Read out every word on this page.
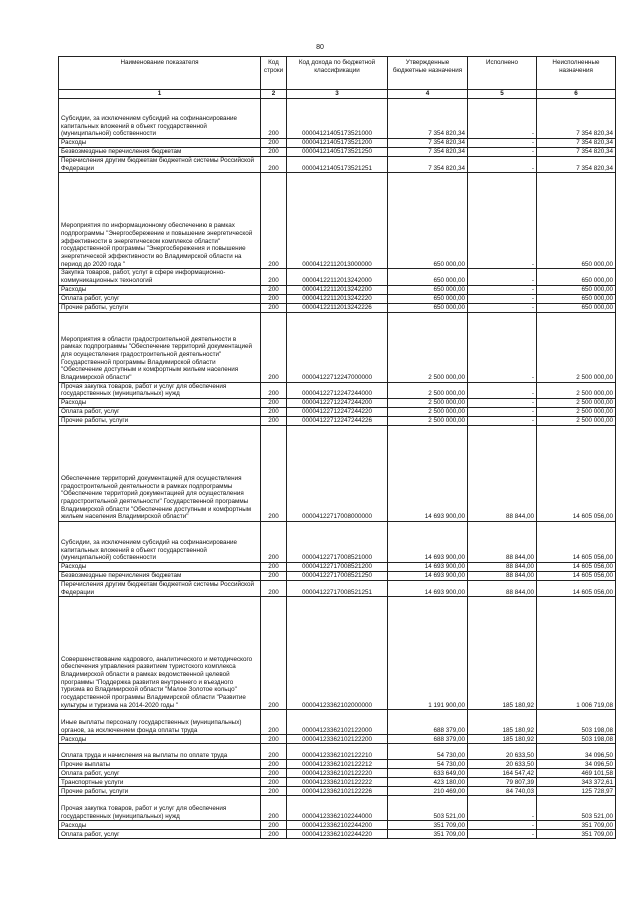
80
Наименование показателя	Код строки	Код дохода по бюджетной классификации	Утвержденные бюджетные назначения	Исполнено	Неисполненные назначения
1	2	3	4	5	6
Субсидии, за исключением субсидий на софинансирование капитальных вложений в объект государственной (муниципальной) собственности	200	00004121405173521000	7 354 820,34	-	7 354 820,34
Расходы	200	00004121405173521200	7 354 820,34	-	7 354 820,34
Безвозмездные перечисления бюджетам	200	00004121405173521250	7 354 820,34	-	7 354 820,34
Перечисления другим бюджетам бюджетной системы Российской Федерации	200	00004121405173521251	7 354 820,34	-	7 354 820,34
Мероприятия по информационному обеспечению в рамках подпрограммы "Энергосбережение и повышение энергетической эффективности в энергетическом комплексе области" государственной программы "Энергосбережения и повышение энергетической эффективности во Владимирской области на период до 2020 года "	200	00004122112013000000	650 000,00	-	650 000,00
Закупка товаров, работ, услуг в сфере информационно-коммуникационных технологий	200	00004122112013242000	650 000,00	-	650 000,00
Расходы	200	00004122112013242200	650 000,00	-	650 000,00
Оплата работ, услуг	200	00004122112013242220	650 000,00	-	650 000,00
Прочие работы, услуги	200	00004122112013242226	650 000,00	-	650 000,00
Мероприятия в области градостроительной деятельности в рамках подпрограммы "Обеспечение территорий документацией для осуществления градостроительной деятельности" Государственной программы Владимирской области "Обеспечение доступным и комфортным жильем населения Владимирской области"	200	00004122712247000000	2 500 000,00	-	2 500 000,00
Прочая закупка товаров, работ и услуг для обеспечения государственных (муниципальных) нужд	200	00004122712247244000	2 500 000,00	-	2 500 000,00
Расходы	200	00004122712247244200	2 500 000,00	-	2 500 000,00
Оплата работ, услуг	200	00004122712247244220	2 500 000,00	-	2 500 000,00
Прочие работы, услуги	200	00004122712247244226	2 500 000,00	-	2 500 000,00
Обеспечение территорий документацией для осуществления градостроительной деятельности в рамках подпрограммы "Обеспечение территорий документацией для осуществления градостроительной деятельности" Государственной программы Владимирской области "Обеспечение доступным и комфортным жильем населения Владимирской области"	200	00004122717008000000	14 693 900,00	88 844,00	14 605 056,00
Субсидии, за исключением субсидий на софинансирование капитальных вложений в объект государственной (муниципальной) собственности	200	00004122717008521000	14 693 900,00	88 844,00	14 605 056,00
Расходы	200	00004122717008521200	14 693 900,00	88 844,00	14 605 056,00
Безвозмездные перечисления бюджетам	200	00004122717008521250	14 693 900,00	88 844,00	14 605 056,00
Перечисления другим бюджетам бюджетной системы Российской Федерации	200	00004122717008521251	14 693 900,00	88 844,00	14 605 056,00
Совершенствование кадрового, аналитического и методического обеспечения управления развитием туристского комплекса Владимирской области в рамках ведомственной целевой программы "Поддержка развития внутреннего и въездного туризма во Владимирской области "Малое Золотое кольцо" государственной программы Владимирской области "Развитие культуры и туризма на 2014-2020 годы "	200	00004123362102000000	1 191 900,00	185 180,92	1 006 719,08
Иные выплаты персоналу государственных (муниципальных) органов, за исключением фонда оплаты труда	200	00004123362102122000	688 379,00	185 180,92	503 198,08
Расходы	200	00004123362102122200	688 379,00	185 180,92	503 198,08
Оплата труда и начисления на выплаты по оплате труда	200	00004123362102122210	54 730,00	20 633,50	34 096,50
Прочие выплаты	200	00004123362102122212	54 730,00	20 633,50	34 096,50
Оплата работ, услуг	200	00004123362102122220	633 649,00	164 547,42	469 101,58
Транспортные услуги	200	00004123362102122222	423 180,00	79 807,39	343 372,61
Прочие работы, услуги	200	00004123362102122226	210 469,00	84 740,03	125 728,97
Прочая закупка товаров, работ и услуг для обеспечения государственных (муниципальных) нужд	200	00004123362102244000	503 521,00	-	503 521,00
Расходы	200	00004123362102244200	351 709,00	-	351 709,00
Оплата работ, услуг	200	00004123362102244220	351 709,00	-	351 709,00
